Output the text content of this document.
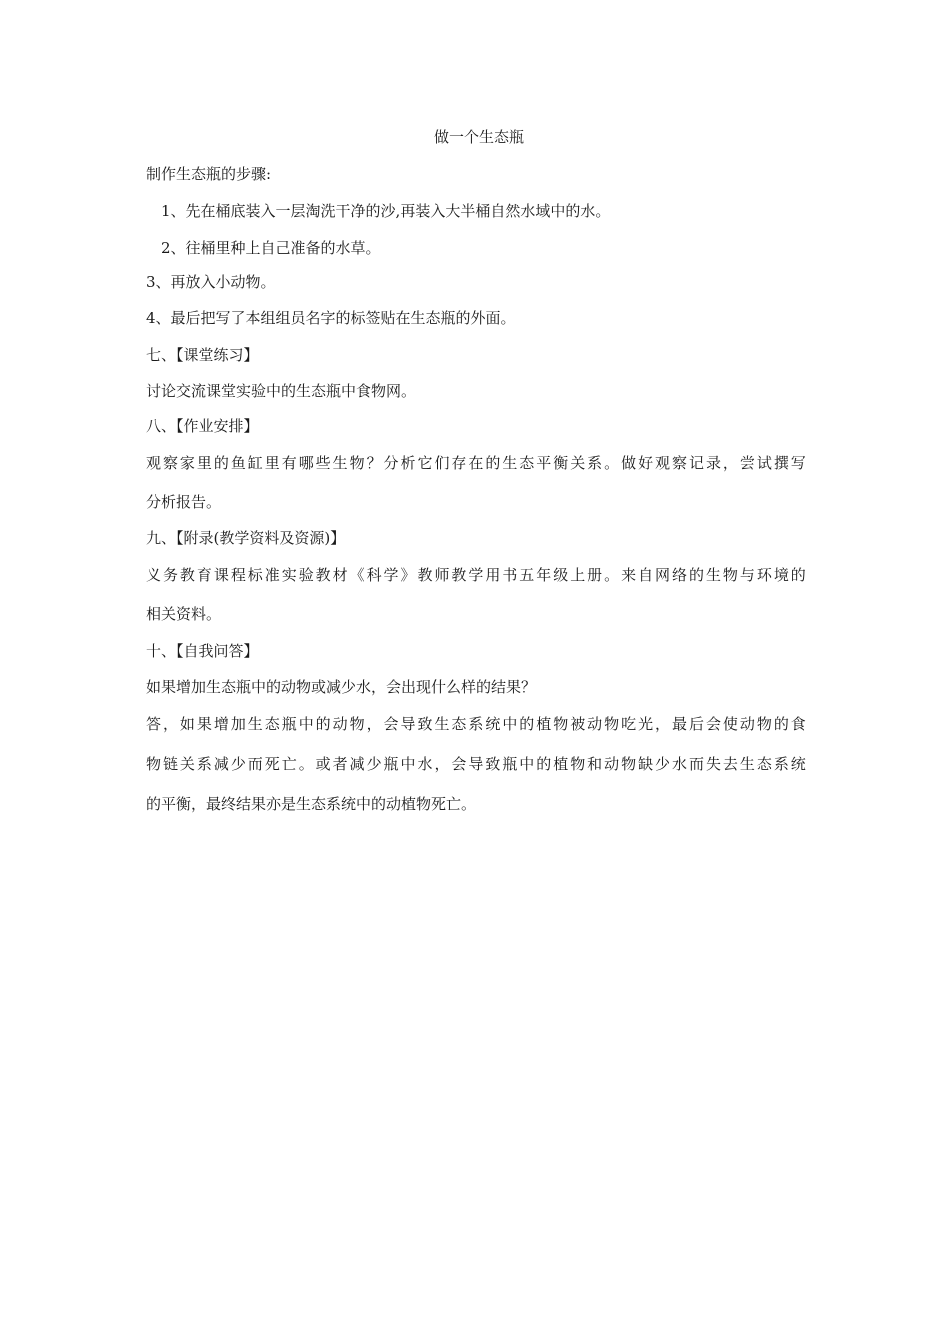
做一个生态瓶
制作生态瓶的步骤:
1、先在桶底装入一层淘洗干净的沙,再装入大半桶自然水域中的水。
2、往桶里种上自己准备的水草。
3、再放入小动物。
4、最后把写了本组组员名字的标签贴在生态瓶的外面。
七、【课堂练习】
讨论交流课堂实验中的生态瓶中食物网。
八、【作业安排】
观察家里的鱼缸里有哪些生物？分析它们存在的生态平衡关系。做好观察记录，尝试撰写
分析报告。
九、【附录(教学资料及资源)】
义务教育课程标准实验教材《科学》教师教学用书五年级上册。来自网络的生物与环境的
相关资料。
十、【自我问答】
如果增加生态瓶中的动物或减少水，会出现什么样的结果？
答，如果增加生态瓶中的动物，会导致生态系统中的植物被动物吃光，最后会使动物的食
物链关系减少而死亡。或者减少瓶中水，会导致瓶中的植物和动物缺少水而失去生态系统
的平衡，最终结果亦是生态系统中的动植物死亡。
